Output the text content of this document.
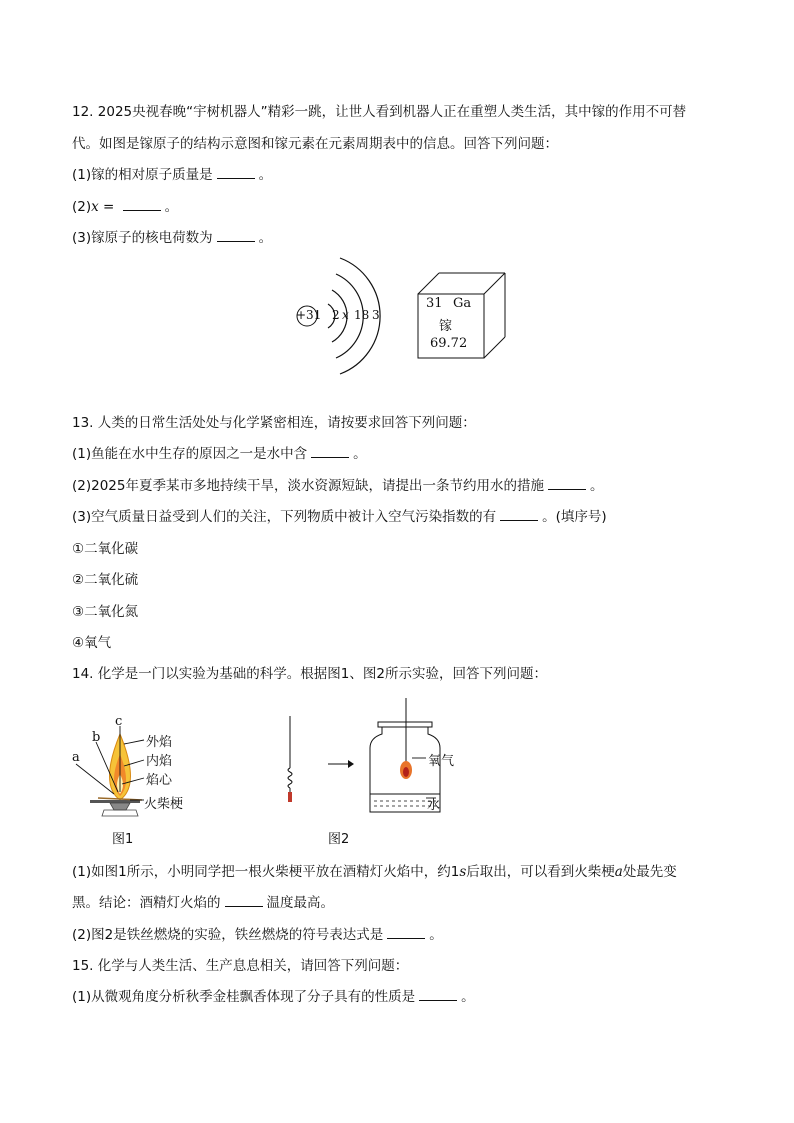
12. 2025央视春晚“宇树机器人”精彩一跳，让世人看到机器人正在重塑人类生活，其中镓的作用不可替
代。如图是镓原子的结构示意图和镓元素在元素周期表中的信息。回答下列问题：
(1)镓的相对原子质量是	。
(2)x =	。
(3)镓原子的核电荷数为	。
+31 2 x 18 3
31 Ga
镓
69.72
13. 人类的日常生活处处与化学紧密相连，请按要求回答下列问题：
(1)鱼能在水中生存的原因之一是水中含	。
(2)2025年夏季某市多地持续干旱，淡水资源短缺，请提出一条节约用水的措施	。
(3)空气质量日益受到人们的关注，下列物质中被计入空气污染指数的有	。(填序号)
①二氧化碳
②二氧化硫
③二氧化氮
④氧气
14. 化学是一门以实验为基础的科学。根据图1、图2所示实验，回答下列问题：
a
b
c
外焰
内焰
焰心
火柴梗
图1
氧气
水
图2
(1)如图1所示，小明同学把一根火柴梗平放在酒精灯火焰中，约1s后取出，可以看到火柴梗a处最先变
黑。结论：酒精灯火焰的	温度最高。
(2)图2是铁丝燃烧的实验，铁丝燃烧的符号表达式是	。
15. 化学与人类生活、生产息息相关，请回答下列问题：
(1)从微观角度分析秋季金桂飘香体现了分子具有的性质是	。
